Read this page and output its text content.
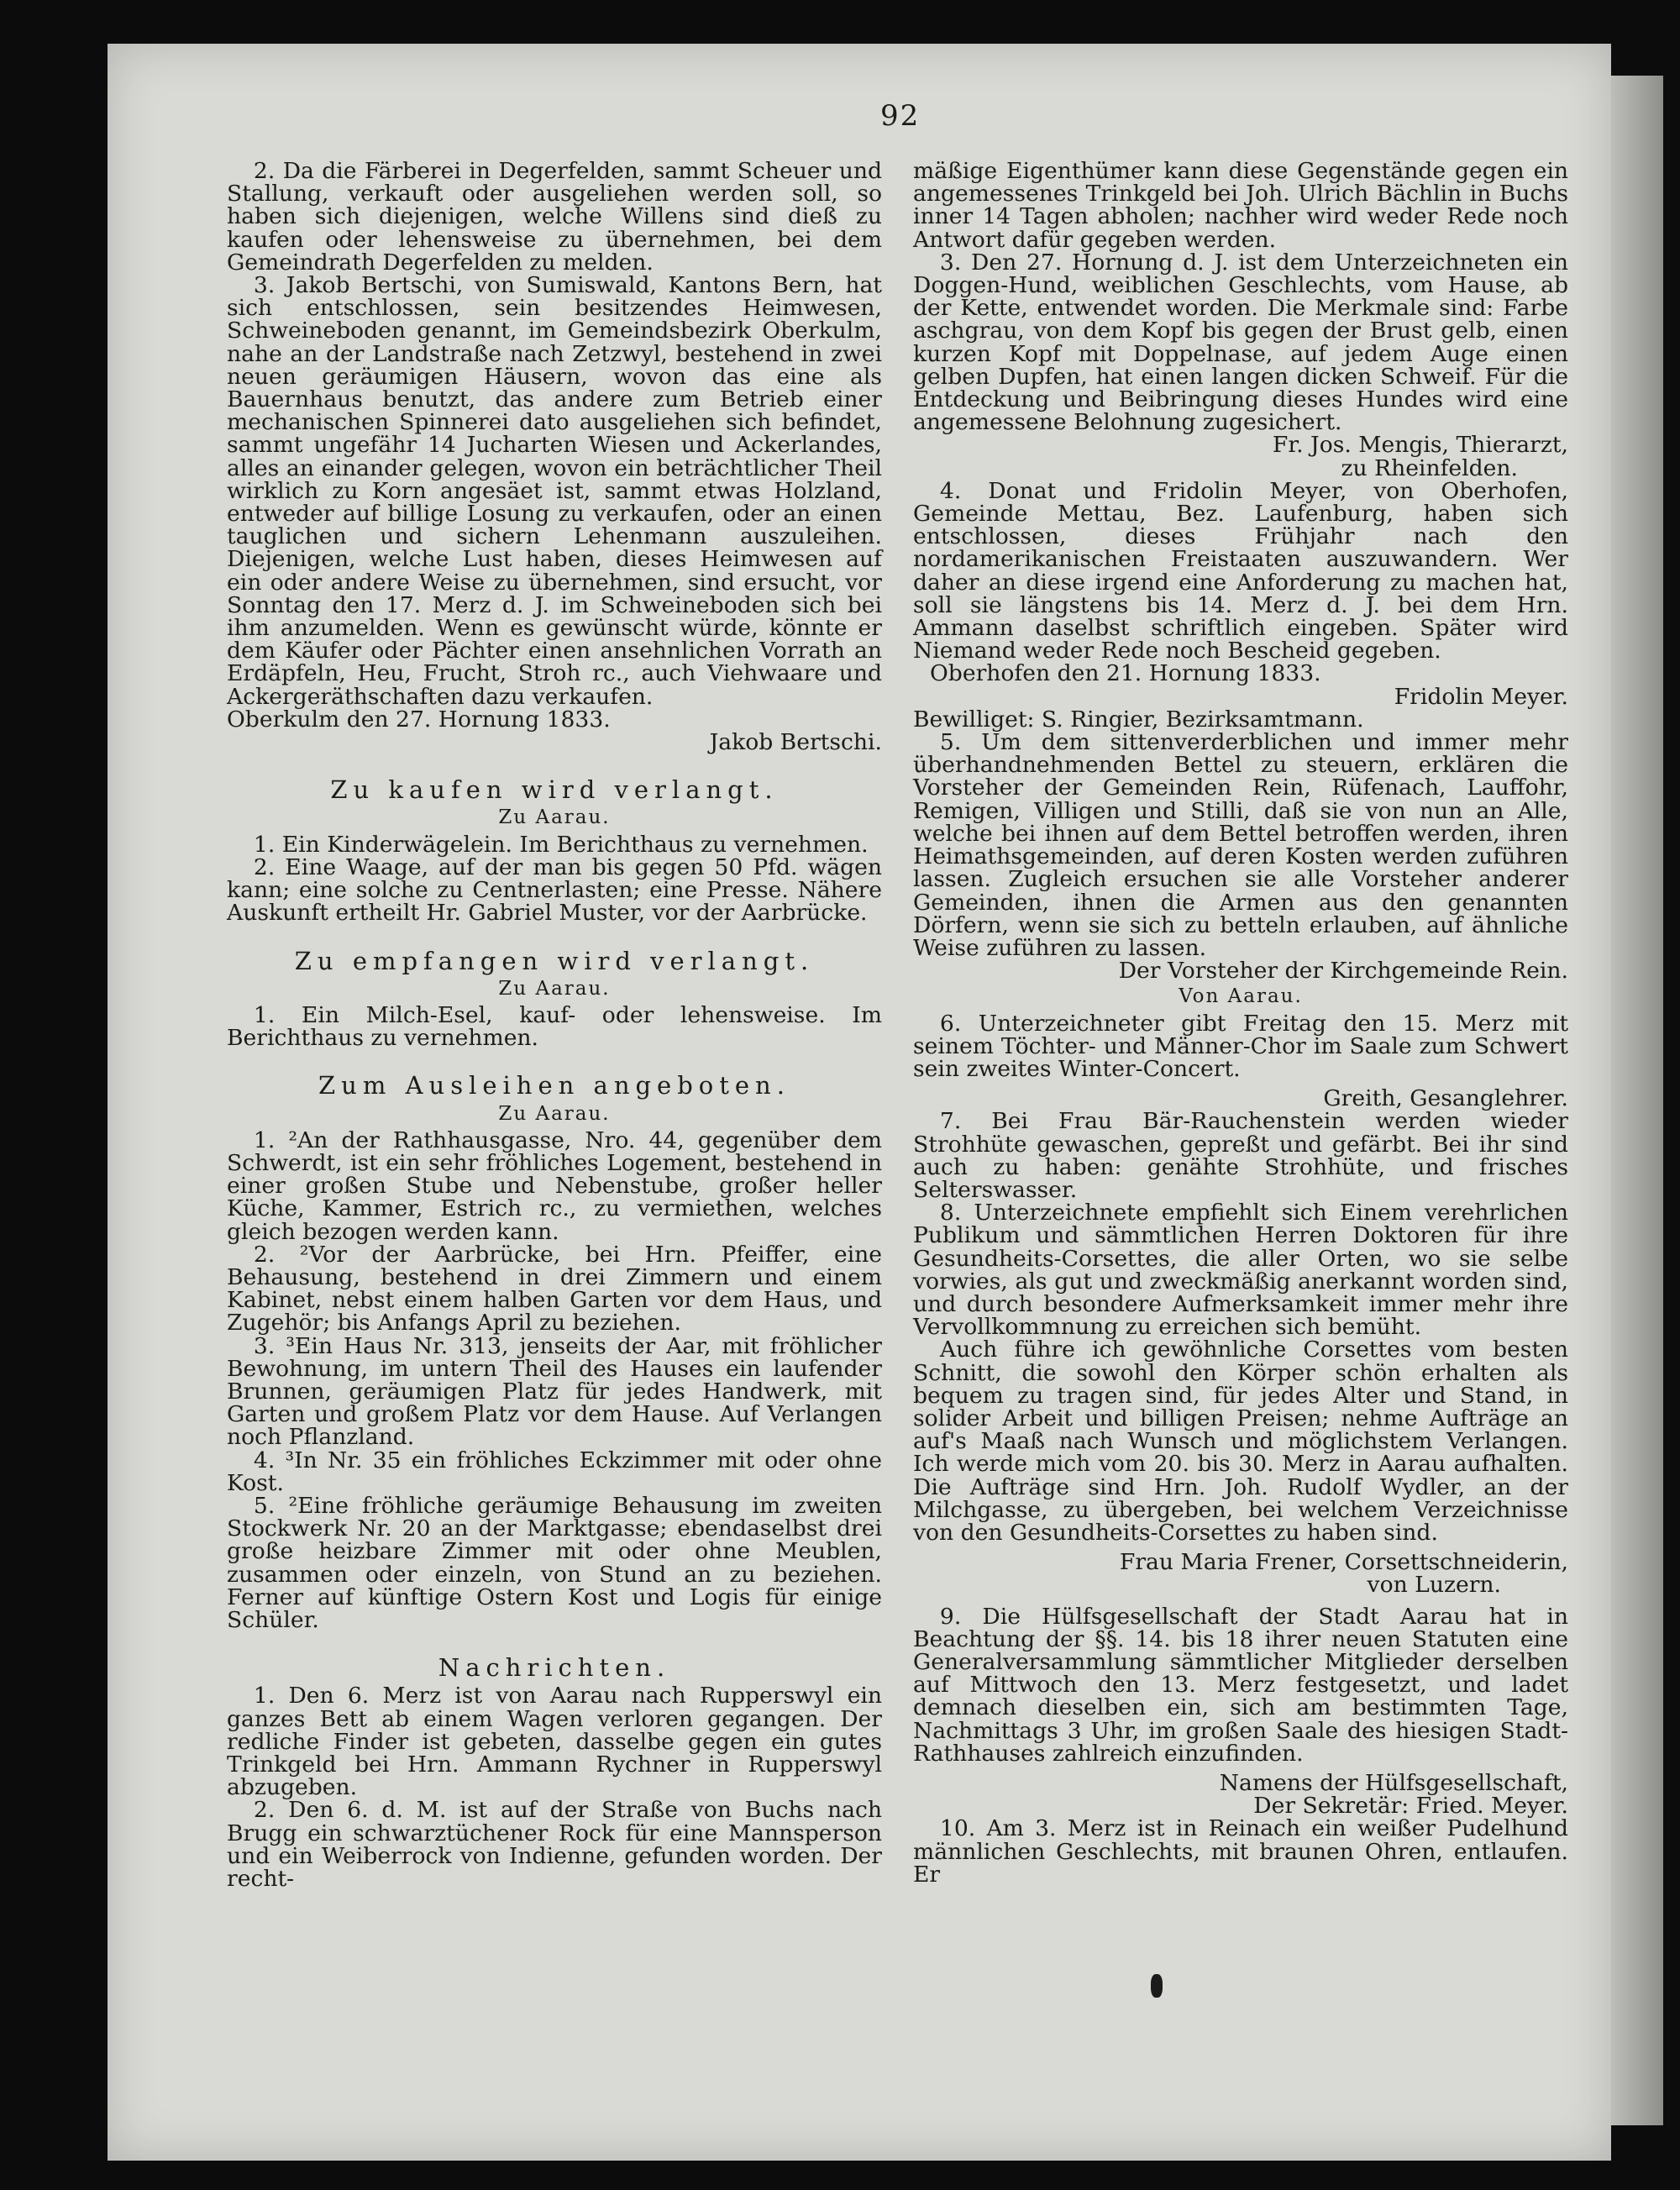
92

2. Da die Färberei in Degerfelden, sammt Scheuer und Stallung, verkauft oder ausgeliehen werden soll, so haben sich diejenigen, welche Willens sind dieß zu kaufen oder lehensweise zu übernehmen, bei dem Gemeindrath Degerfelden zu melden.

3. Jakob Bertschi, von Sumiswald, Kantons Bern, hat sich entschlossen, sein besitzendes Heimwesen, Schweineboden genannt, im Gemeindsbezirk Oberkulm, nahe an der Landstraße nach Zetzwyl, bestehend in zwei neuen geräumigen Häusern, wovon das eine als Bauernhaus benutzt, das andere zum Betrieb einer mechanischen Spinnerei dato ausgeliehen sich befindet, sammt ungefähr 14 Jucharten Wiesen und Ackerlandes, alles an einander gelegen, wovon ein beträchtlicher Theil wirklich zu Korn angesäet ist, sammt etwas Holzland, entweder auf billige Losung zu verkaufen, oder an einen tauglichen und sichern Lehenmann auszuleihen. Diejenigen, welche Lust haben, dieses Heimwesen auf ein oder andere Weise zu übernehmen, sind ersucht, vor Sonntag den 17. Merz d. J. im Schweineboden sich bei ihm anzumelden. Wenn es gewünscht würde, könnte er dem Käufer oder Pächter einen ansehnlichen Vorrath an Erdäpfeln, Heu, Frucht, Stroh rc., auch Viehwaare und Ackergeräthschaften dazu verkaufen.

Oberkulm den 27. Hornung 1833.

Jakob Bertschi.

Zu kaufen wird verlangt.
Zu Aarau.

1. Ein Kinderwägelein. Im Berichthaus zu vernehmen.

2. Eine Waage, auf der man bis gegen 50 Pfd. wägen kann; eine solche zu Centnerlasten; eine Presse. Nähere Auskunft ertheilt Hr. Gabriel Muster, vor der Aarbrücke.

Zu empfangen wird verlangt.
Zu Aarau.

1. Ein Milch-Esel, kauf- oder lehensweise. Im Berichthaus zu vernehmen.

Zum Ausleihen angeboten.
Zu Aarau.

1. ²An der Rathhausgasse, Nro. 44, gegenüber dem Schwerdt, ist ein sehr fröhliches Logement, bestehend in einer großen Stube und Nebenstube, großer heller Küche, Kammer, Estrich rc., zu vermiethen, welches gleich bezogen werden kann.

2. ²Vor der Aarbrücke, bei Hrn. Pfeiffer, eine Behausung, bestehend in drei Zimmern und einem Kabinet, nebst einem halben Garten vor dem Haus, und Zugehör; bis Anfangs April zu beziehen.

3. ³Ein Haus Nr. 313, jenseits der Aar, mit fröhlicher Bewohnung, im untern Theil des Hauses ein laufender Brunnen, geräumigen Platz für jedes Handwerk, mit Garten und großem Platz vor dem Hause. Auf Verlangen noch Pflanzland.

4. ³In Nr. 35 ein fröhliches Eckzimmer mit oder ohne Kost.

5. ²Eine fröhliche geräumige Behausung im zweiten Stockwerk Nr. 20 an der Marktgasse; ebendaselbst drei große heizbare Zimmer mit oder ohne Meublen, zusammen oder einzeln, von Stund an zu beziehen. Ferner auf künftige Ostern Kost und Logis für einige Schüler.

Nachrichten.

1. Den 6. Merz ist von Aarau nach Rupperswyl ein ganzes Bett ab einem Wagen verloren gegangen. Der redliche Finder ist gebeten, dasselbe gegen ein gutes Trinkgeld bei Hrn. Ammann Rychner in Rupperswyl abzugeben.

2. Den 6. d. M. ist auf der Straße von Buchs nach Brugg ein schwarztüchener Rock für eine Mannsperson und ein Weiberrock von Indienne, gefunden worden. Der recht-

mäßige Eigenthümer kann diese Gegenstände gegen ein angemessenes Trinkgeld bei Joh. Ulrich Bächlin in Buchs inner 14 Tagen abholen; nachher wird weder Rede noch Antwort dafür gegeben werden.

3. Den 27. Hornung d. J. ist dem Unterzeichneten ein Doggen-Hund, weiblichen Geschlechts, vom Hause, ab der Kette, entwendet worden. Die Merkmale sind: Farbe aschgrau, von dem Kopf bis gegen der Brust gelb, einen kurzen Kopf mit Doppelnase, auf jedem Auge einen gelben Dupfen, hat einen langen dicken Schweif. Für die Entdeckung und Beibringung dieses Hundes wird eine angemessene Belohnung zugesichert.

Fr. Jos. Mengis, Thierarzt,

zu Rheinfelden.

4. Donat und Fridolin Meyer, von Oberhofen, Gemeinde Mettau, Bez. Laufenburg, haben sich entschlossen, dieses Frühjahr nach den nordamerikanischen Freistaaten auszuwandern. Wer daher an diese irgend eine Anforderung zu machen hat, soll sie längstens bis 14. Merz d. J. bei dem Hrn. Ammann daselbst schriftlich eingeben. Später wird Niemand weder Rede noch Bescheid gegeben.

Oberhofen den 21. Hornung 1833.

Fridolin Meyer.

Bewilliget: S. Ringier, Bezirksamtmann.

5. Um dem sittenverderblichen und immer mehr überhandnehmenden Bettel zu steuern, erklären die Vorsteher der Gemeinden Rein, Rüfenach, Lauffohr, Remigen, Villigen und Stilli, daß sie von nun an Alle, welche bei ihnen auf dem Bettel betroffen werden, ihren Heimathsgemeinden, auf deren Kosten werden zuführen lassen. Zugleich ersuchen sie alle Vorsteher anderer Gemeinden, ihnen die Armen aus den genannten Dörfern, wenn sie sich zu betteln erlauben, auf ähnliche Weise zuführen zu lassen.

Der Vorsteher der Kirchgemeinde Rein.

Von Aarau.

6. Unterzeichneter gibt Freitag den 15. Merz mit seinem Töchter- und Männer-Chor im Saale zum Schwert sein zweites Winter-Concert.

Greith, Gesanglehrer.

7. Bei Frau Bär-Rauchenstein werden wieder Strohhüte gewaschen, gepreßt und gefärbt. Bei ihr sind auch zu haben: genähte Strohhüte, und frisches Selterswasser.

8. Unterzeichnete empfiehlt sich Einem verehrlichen Publikum und sämmtlichen Herren Doktoren für ihre Gesundheits-Corsettes, die aller Orten, wo sie selbe vorwies, als gut und zweckmäßig anerkannt worden sind, und durch besondere Aufmerksamkeit immer mehr ihre Vervollkommnung zu erreichen sich bemüht.

Auch führe ich gewöhnliche Corsettes vom besten Schnitt, die sowohl den Körper schön erhalten als bequem zu tragen sind, für jedes Alter und Stand, in solider Arbeit und billigen Preisen; nehme Aufträge an auf's Maaß nach Wunsch und möglichstem Verlangen. Ich werde mich vom 20. bis 30. Merz in Aarau aufhalten. Die Aufträge sind Hrn. Joh. Rudolf Wydler, an der Milchgasse, zu übergeben, bei welchem Verzeichnisse von den Gesundheits-Corsettes zu haben sind.

Frau Maria Frener, Corsettschneiderin,

von Luzern.

9. Die Hülfsgesellschaft der Stadt Aarau hat in Beachtung der §§. 14. bis 18 ihrer neuen Statuten eine Generalversammlung sämmtlicher Mitglieder derselben auf Mittwoch den 13. Merz festgesetzt, und ladet demnach dieselben ein, sich am bestimmten Tage, Nachmittags 3 Uhr, im großen Saale des hiesigen Stadt-Rathhauses zahlreich einzufinden.

Namens der Hülfsgesellschaft,

Der Sekretär: Fried. Meyer.

10. Am 3. Merz ist in Reinach ein weißer Pudelhund männlichen Geschlechts, mit braunen Ohren, entlaufen. Er
